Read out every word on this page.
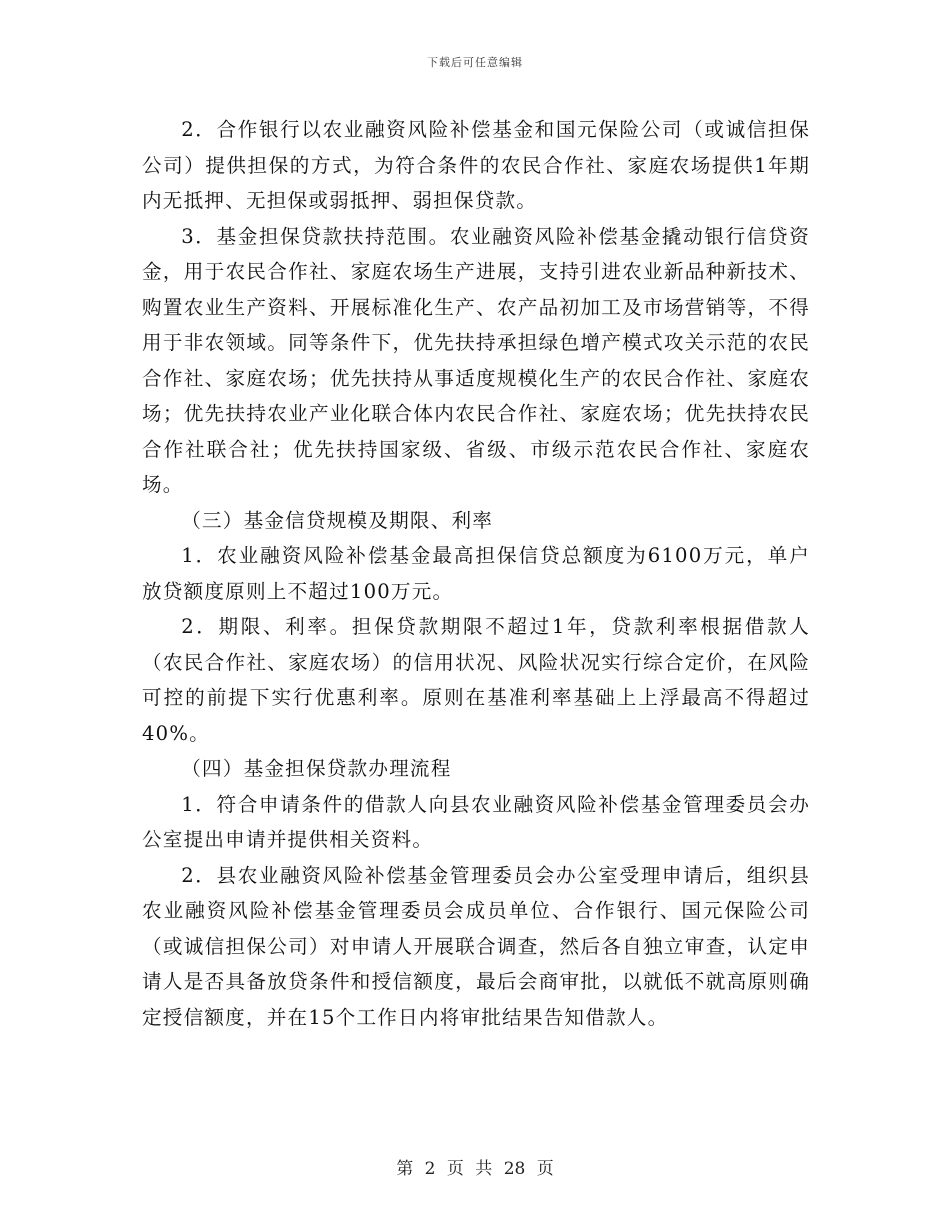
下载后可任意编辑

2．合作银行以农业融资风险补偿基金和国元保险公司（或诚信担保公司）提供担保的方式，为符合条件的农民合作社、家庭农场提供1年期内无抵押、无担保或弱抵押、弱担保贷款。

3．基金担保贷款扶持范围。农业融资风险补偿基金撬动银行信贷资金，用于农民合作社、家庭农场生产进展，支持引进农业新品种新技术、购置农业生产资料、开展标准化生产、农产品初加工及市场营销等，不得用于非农领域。同等条件下，优先扶持承担绿色增产模式攻关示范的农民合作社、家庭农场；优先扶持从事适度规模化生产的农民合作社、家庭农场；优先扶持农业产业化联合体内农民合作社、家庭农场；优先扶持农民合作社联合社；优先扶持国家级、省级、市级示范农民合作社、家庭农场。

（三）基金信贷规模及期限、利率

1．农业融资风险补偿基金最高担保信贷总额度为6100万元，单户放贷额度原则上不超过100万元。

2．期限、利率。担保贷款期限不超过1年，贷款利率根据借款人（农民合作社、家庭农场）的信用状况、风险状况实行综合定价，在风险可控的前提下实行优惠利率。原则在基准利率基础上上浮最高不得超过40%。

（四）基金担保贷款办理流程

1．符合申请条件的借款人向县农业融资风险补偿基金管理委员会办公室提出申请并提供相关资料。

2．县农业融资风险补偿基金管理委员会办公室受理申请后，组织县农业融资风险补偿基金管理委员会成员单位、合作银行、国元保险公司（或诚信担保公司）对申请人开展联合调查，然后各自独立审查，认定申请人是否具备放贷条件和授信额度，最后会商审批，以就低不就高原则确定授信额度，并在15个工作日内将审批结果告知借款人。

第 2 页 共 28 页
